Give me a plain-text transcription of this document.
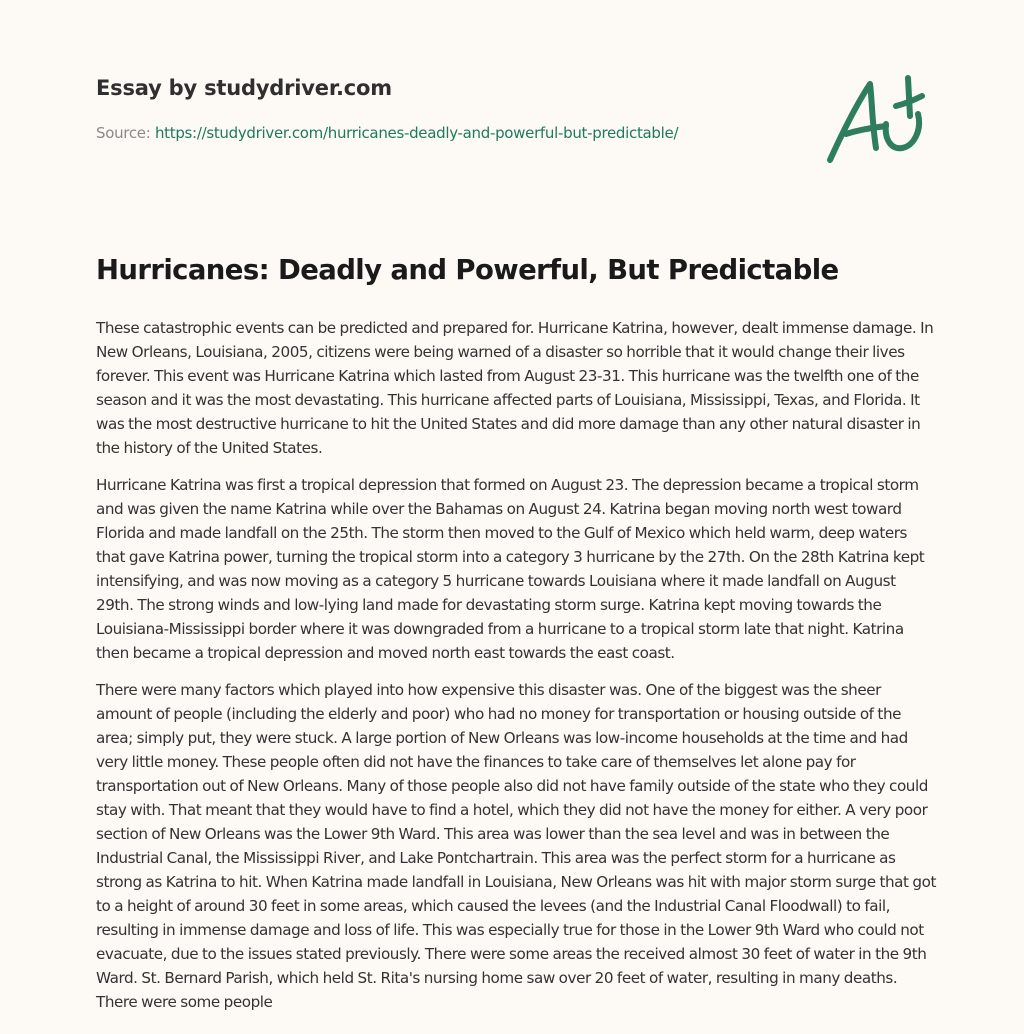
Essay by studydriver.com
Source: https://studydriver.com/hurricanes-deadly-and-powerful-but-predictable/
Hurricanes: Deadly and Powerful, But Predictable

These catastrophic events can be predicted and prepared for. Hurricane Katrina, however, dealt immense damage. In New Orleans, Louisiana, 2005, citizens were being warned of a disaster so horrible that it would change their lives forever. This event was Hurricane Katrina which lasted from August 23-31. This hurricane was the twelfth one of the season and it was the most devastating. This hurricane affected parts of Louisiana, Mississippi, Texas, and Florida. It was the most destructive hurricane to hit the United States and did more damage than any other natural disaster in the history of the United States.

Hurricane Katrina was first a tropical depression that formed on August 23. The depression became a tropical storm and was given the name Katrina while over the Bahamas on August 24. Katrina began moving north west toward Florida and made landfall on the 25th. The storm then moved to the Gulf of Mexico which held warm, deep waters that gave Katrina power, turning the tropical storm into a category 3 hurricane by the 27th. On the 28th Katrina kept intensifying, and was now moving as a category 5 hurricane towards Louisiana where it made landfall on August 29th. The strong winds and low-lying land made for devastating storm surge. Katrina kept moving towards the Louisiana-Mississippi border where it was downgraded from a hurricane to a tropical storm late that night. Katrina then became a tropical depression and moved north east towards the east coast.

There were many factors which played into how expensive this disaster was. One of the biggest was the sheer amount of people (including the elderly and poor) who had no money for transportation or housing outside of the area; simply put, they were stuck. A large portion of New Orleans was low-income households at the time and had very little money. These people often did not have the finances to take care of themselves let alone pay for transportation out of New Orleans. Many of those people also did not have family outside of the state who they could stay with. That meant that they would have to find a hotel, which they did not have the money for either. A very poor section of New Orleans was the Lower 9th Ward. This area was lower than the sea level and was in between the Industrial Canal, the Mississippi River, and Lake Pontchartrain. This area was the perfect storm for a hurricane as strong as Katrina to hit. When Katrina made landfall in Louisiana, New Orleans was hit with major storm surge that got to a height of around 30 feet in some areas, which caused the levees (and the Industrial Canal Floodwall) to fail, resulting in immense damage and loss of life. This was especially true for those in the Lower 9th Ward who could not evacuate, due to the issues stated previously. There were some areas the received almost 30 feet of water in the 9th Ward. St. Bernard Parish, which held St. Rita's nursing home saw over 20 feet of water, resulting in many deaths. There were some people
